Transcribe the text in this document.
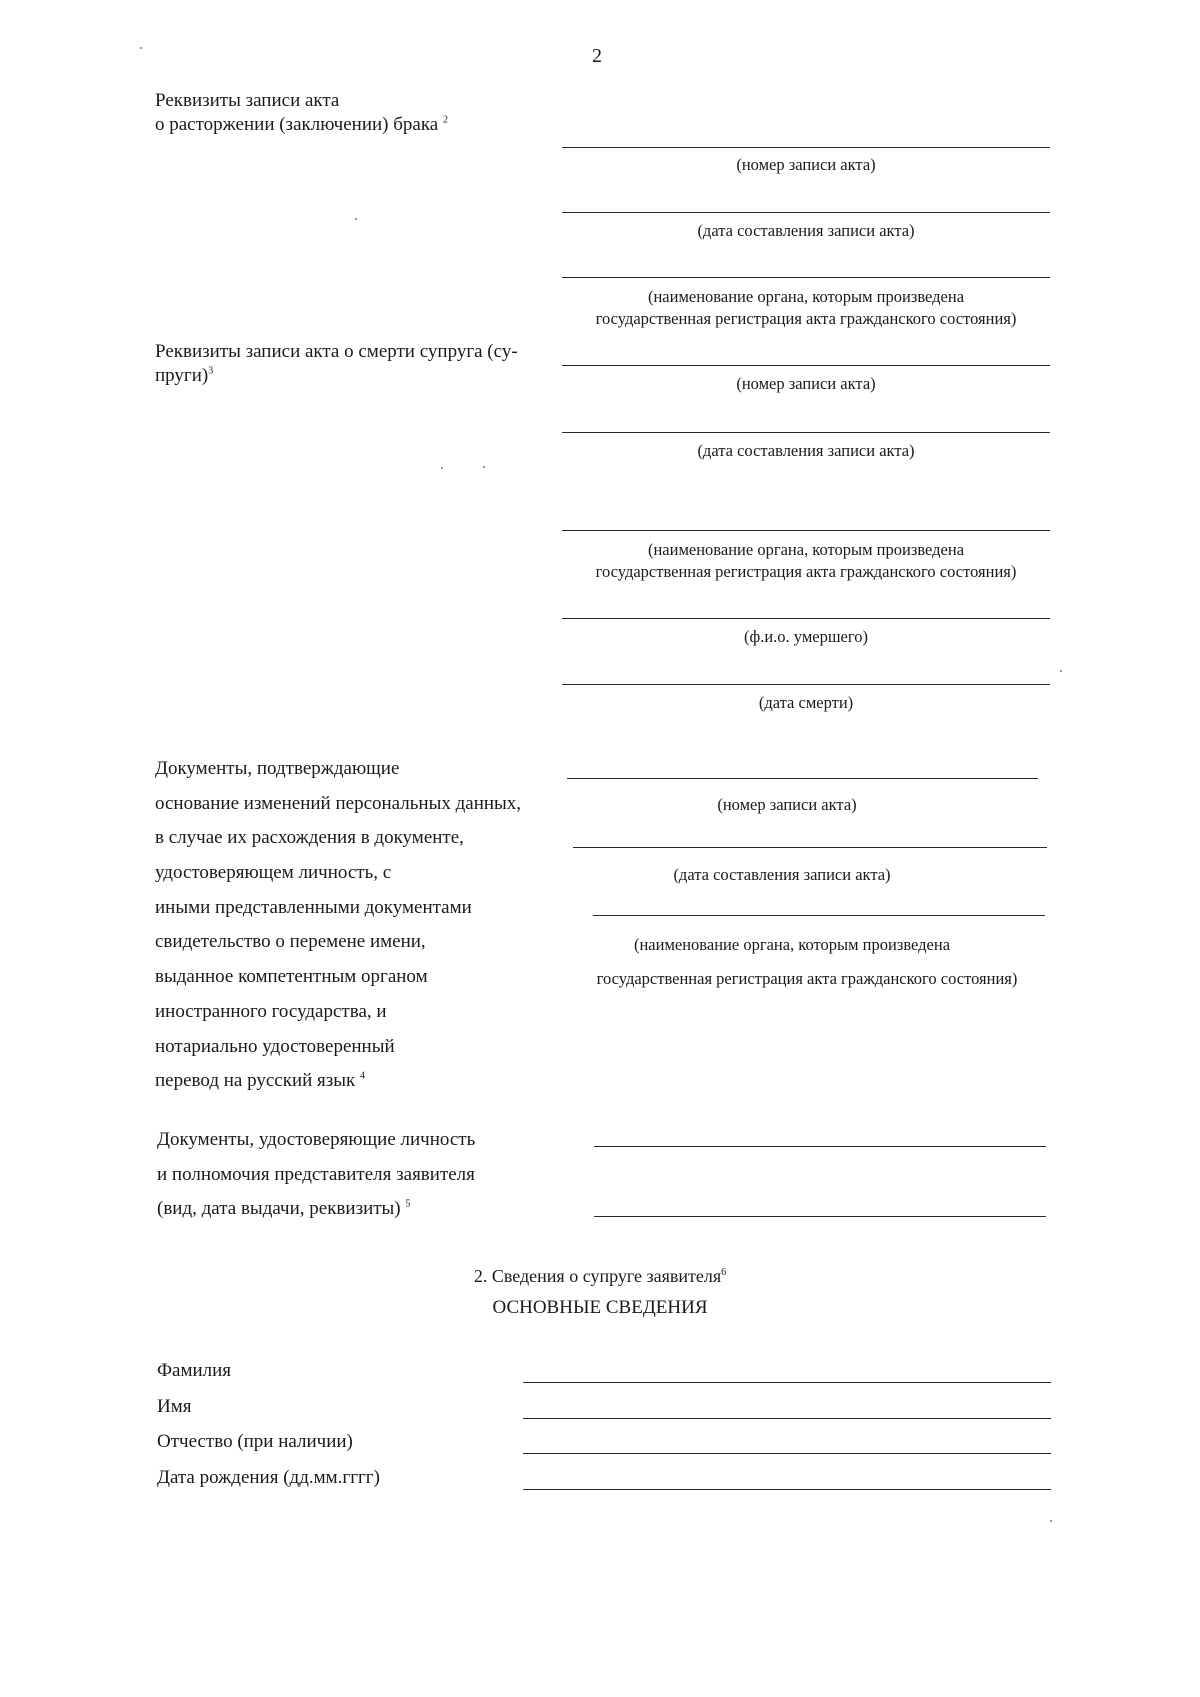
2
Реквизиты записи акта
о расторжении (заключении) брака $^2$
(номер записи акта)
(дата составления записи акта)
(наименование органа, которым произведена
государственная регистрация акта гражданского состояния)
Реквизиты записи акта о смерти супруга (су-
пруги)$^3$
(номер записи акта)
(дата составления записи акта)
(наименование органа, которым произведена
государственная регистрация акта гражданского состояния)
(ф.и.о. умершего)
(дата смерти)
Документы, подтверждающие
основание изменений персональных данных,
в случае их расхождения в документе,
удостоверяющем личность, с
иными представленными документами
свидетельство о перемене имени,
выданное компетентным органом
иностранного государства, и
нотариально удостоверенный
перевод на русский язык $^4$
(номер записи акта)
(дата составления записи акта)
(наименование органа, которым произведена
государственная регистрация акта гражданского состояния)
Документы, удостоверяющие личность
и полномочия представителя заявителя
(вид, дата выдачи, реквизиты) $^5$
2. Сведения о супруге заявителя$^6$
ОСНОВНЫЕ СВЕДЕНИЯ
Фамилия
Имя
Отчество (при наличии)
Дата рождения (дд.мм.гггг)
